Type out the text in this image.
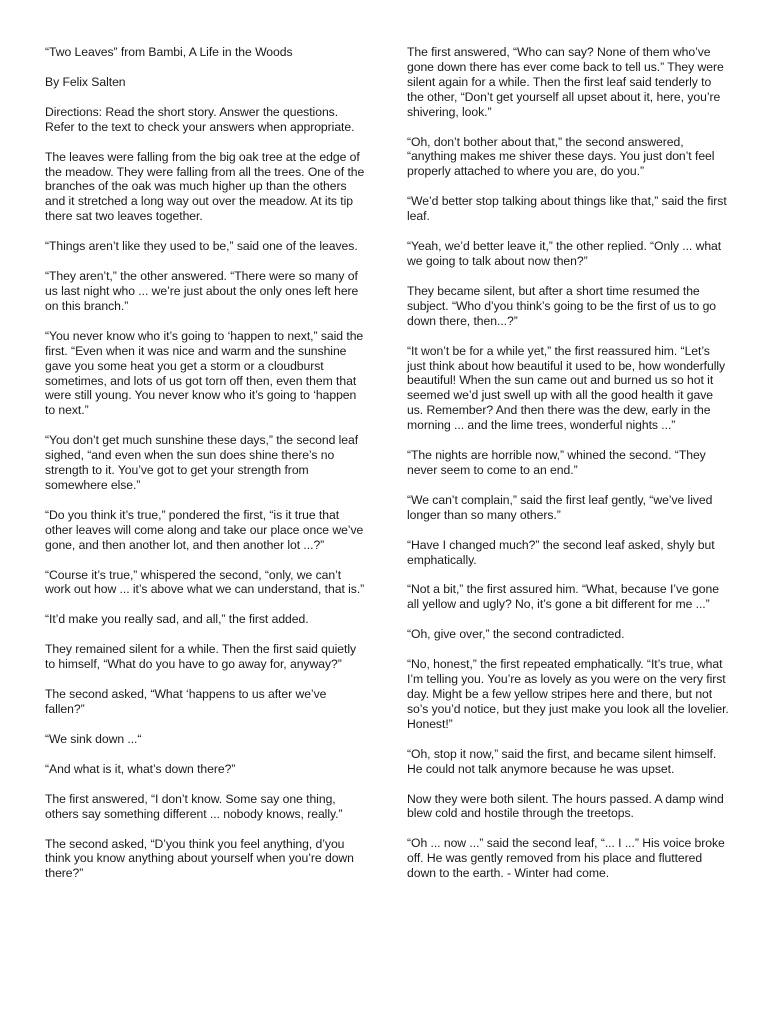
“Two Leaves” from Bambi, A Life in the Woods

By Felix Salten

Directions: Read the short story. Answer the questions. Refer to the text to check your answers when appropriate.

The leaves were falling from the big oak tree at the edge of the meadow. They were falling from all the trees. One of the branches of the oak was much higher up than the others and it stretched a long way out over the meadow. At its tip there sat two leaves together.

“Things aren’t like they used to be,” said one of the leaves.

“They aren’t,” the other answered. “There were so many of us last night who ... we’re just about the only ones left here on this branch.”

“You never know who it’s going to ‘happen to next,” said the first. “Even when it was nice and warm and the sunshine gave you some heat you get a storm or a cloudburst sometimes, and lots of us got torn off then, even them that were still young. You never know who it’s going to ‘happen to next.”

“You don’t get much sunshine these days,” the second leaf sighed, “and even when the sun does shine there’s no strength to it. You’ve got to get your strength from somewhere else.”

“Do you think it’s true,” pondered the first, “is it true that other leaves will come along and take our place once we’ve gone, and then another lot, and then another lot ...?”

“Course it’s true,” whispered the second, “only, we can’t work out how ... it’s above what we can understand, that is.”

“It’d make you really sad, and all,” the first added.

They remained silent for a while. Then the first said quietly to himself, “What do you have to go away for, anyway?”

The second asked, “What ‘happens to us after we’ve fallen?”

“We sink down ...“

“And what is it, what’s down there?”

The first answered, “I don’t know. Some say one thing, others say something different ... nobody knows, really.”

The second asked, “D’you think you feel anything, d’you think you know anything about yourself when you’re down there?”

The first answered, “Who can say? None of them who’ve gone down there has ever come back to tell us.” They were silent again for a while. Then the first leaf said tenderly to the other, “Don’t get yourself all upset about it, here, you’re shivering, look.”

“Oh, don’t bother about that,” the second answered, “anything makes me shiver these days. You just don’t feel properly attached to where you are, do you.”

“We’d better stop talking about things like that,” said the first leaf.

“Yeah, we’d better leave it,” the other replied. “Only ... what we going to talk about now then?”

They became silent, but after a short time resumed the subject. “Who d’you think’s going to be the first of us to go down there, then...?”

“It won’t be for a while yet,” the first reassured him. “Let’s just think about how beautiful it used to be, how wonderfully beautiful! When the sun came out and burned us so hot it seemed we’d just swell up with all the good health it gave us. Remember? And then there was the dew, early in the morning ... and the lime trees, wonderful nights ...”

“The nights are horrible now,” whined the second. “They never seem to come to an end.”

“We can’t complain,” said the first leaf gently, “we’ve lived longer than so many others.”

“Have I changed much?” the second leaf asked, shyly but emphatically.

“Not a bit,” the first assured him. “What, because I’ve gone all yellow and ugly? No, it’s gone a bit different for me ...”

“Oh, give over,” the second contradicted.

“No, honest,” the first repeated emphatically. “It’s true, what I’m telling you. You’re as lovely as you were on the very first day. Might be a few yellow stripes here and there, but not so’s you’d notice, but they just make you look all the lovelier. Honest!”

“Oh, stop it now,” said the first, and became silent himself. He could not talk anymore because he was upset.

Now they were both silent. The hours passed. A damp wind blew cold and hostile through the treetops.

“Oh ... now ...” said the second leaf, “... I ...” His voice broke off. He was gently removed from his place and fluttered down to the earth. - Winter had come.
